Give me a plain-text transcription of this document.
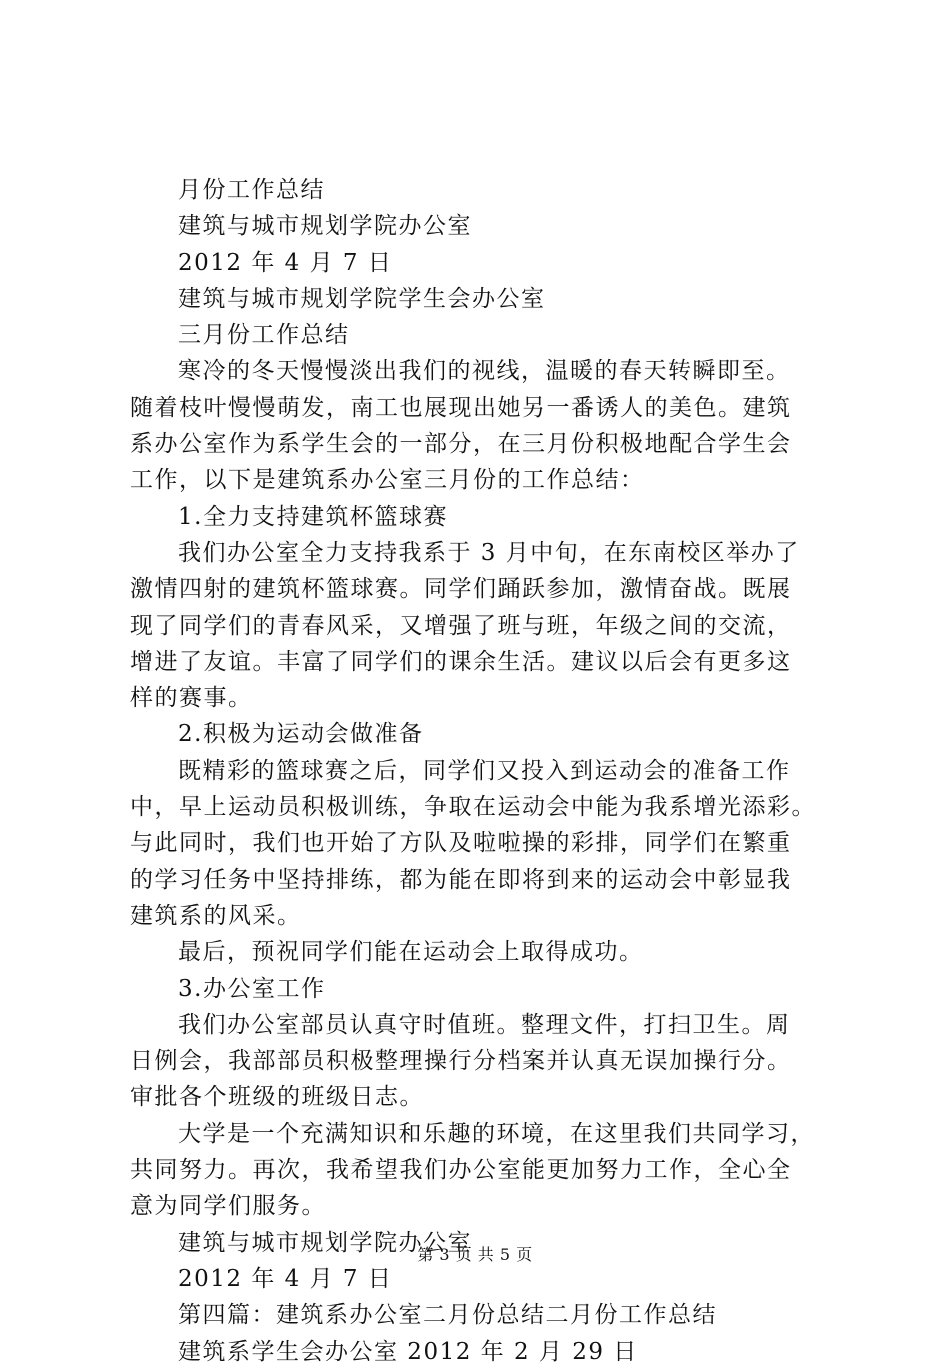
月份工作总结
建筑与城市规划学院办公室
2012 年 4 月 7 日
建筑与城市规划学院学生会办公室
三月份工作总结
寒冷的冬天慢慢淡出我们的视线，温暖的春天转瞬即至。
随着枝叶慢慢萌发，南工也展现出她另一番诱人的美色。建筑
系办公室作为系学生会的一部分，在三月份积极地配合学生会
工作，以下是建筑系办公室三月份的工作总结：
1.全力支持建筑杯篮球赛
我们办公室全力支持我系于 3 月中旬，在东南校区举办了
激情四射的建筑杯篮球赛。同学们踊跃参加，激情奋战。既展
现了同学们的青春风采，又增强了班与班，年级之间的交流，
增进了友谊。丰富了同学们的课余生活。建议以后会有更多这
样的赛事。
2.积极为运动会做准备
既精彩的篮球赛之后，同学们又投入到运动会的准备工作
中，早上运动员积极训练，争取在运动会中能为我系增光添彩。
与此同时，我们也开始了方队及啦啦操的彩排，同学们在繁重
的学习任务中坚持排练，都为能在即将到来的运动会中彰显我
建筑系的风采。
最后，预祝同学们能在运动会上取得成功。
3.办公室工作
我们办公室部员认真守时值班。整理文件，打扫卫生。周
日例会，我部部员积极整理操行分档案并认真无误加操行分。
审批各个班级的班级日志。
大学是一个充满知识和乐趣的环境，在这里我们共同学习，
共同努力。再次，我希望我们办公室能更加努力工作，全心全
意为同学们服务。
建筑与城市规划学院办公室
2012 年 4 月 7 日
第四篇：建筑系办公室二月份总结二月份工作总结
建筑系学生会办公室 2012 年 2 月 29 日
第 3 页 共 5 页
